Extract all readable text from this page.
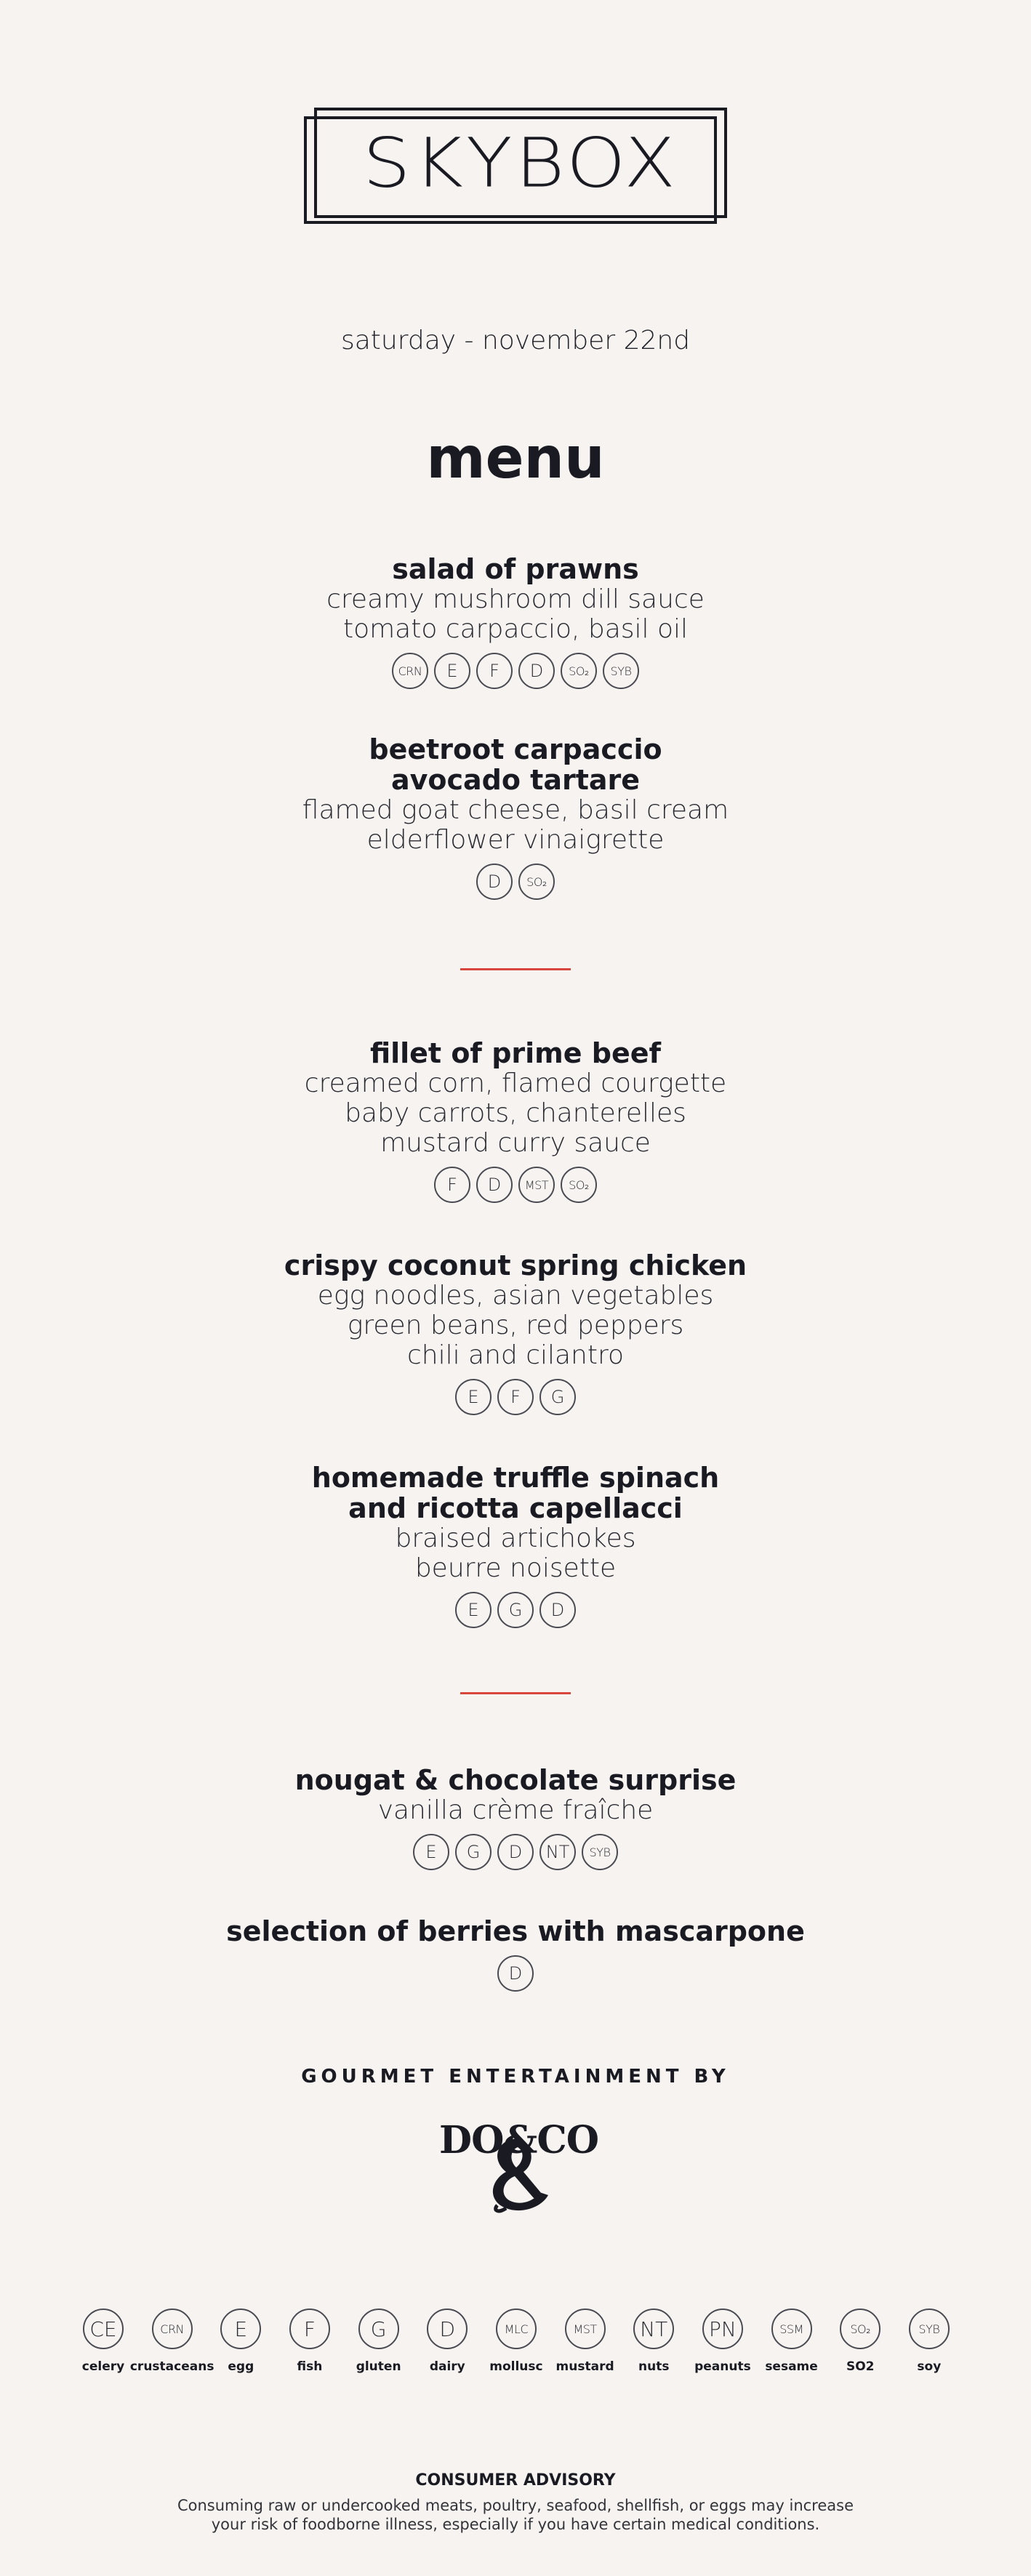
SKYBOX
saturday - november 22nd
menu
salad of prawns
creamy mushroom dill sauce
tomato carpaccio, basil oil
CRN	E	F	D	SO₂	SYB
beetroot carpaccio
avocado tartare
flamed goat cheese, basil cream
elderflower vinaigrette
D	SO₂
fillet of prime beef
creamed corn, flamed courgette
baby carrots, chanterelles
mustard curry sauce
F	D	MST	SO₂
crispy coconut spring chicken
egg noodles, asian vegetables
green beans, red peppers
chili and cilantro
E	F	G
homemade truffle spinach
and ricotta capellacci
braised artichokes
beurre noisette
E	G	D
nougat & chocolate surprise
vanilla crème fraîche
E	G	D	NT	SYB
selection of berries with mascarpone
D
GOURMET ENTERTAINMENT BY
DO&CO
CE
celery
CRN
crustaceans
E
egg
F
fish
G
gluten
D
dairy
MLC
mollusc
MST
mustard
NT
nuts
PN
peanuts
SSM
sesame
SO₂
SO2
SYB
soy
CONSUMER ADVISORY
Consuming raw or undercooked meats, poultry, seafood, shellfish, or eggs may increase
your risk of foodborne illness, especially if you have certain medical conditions.
